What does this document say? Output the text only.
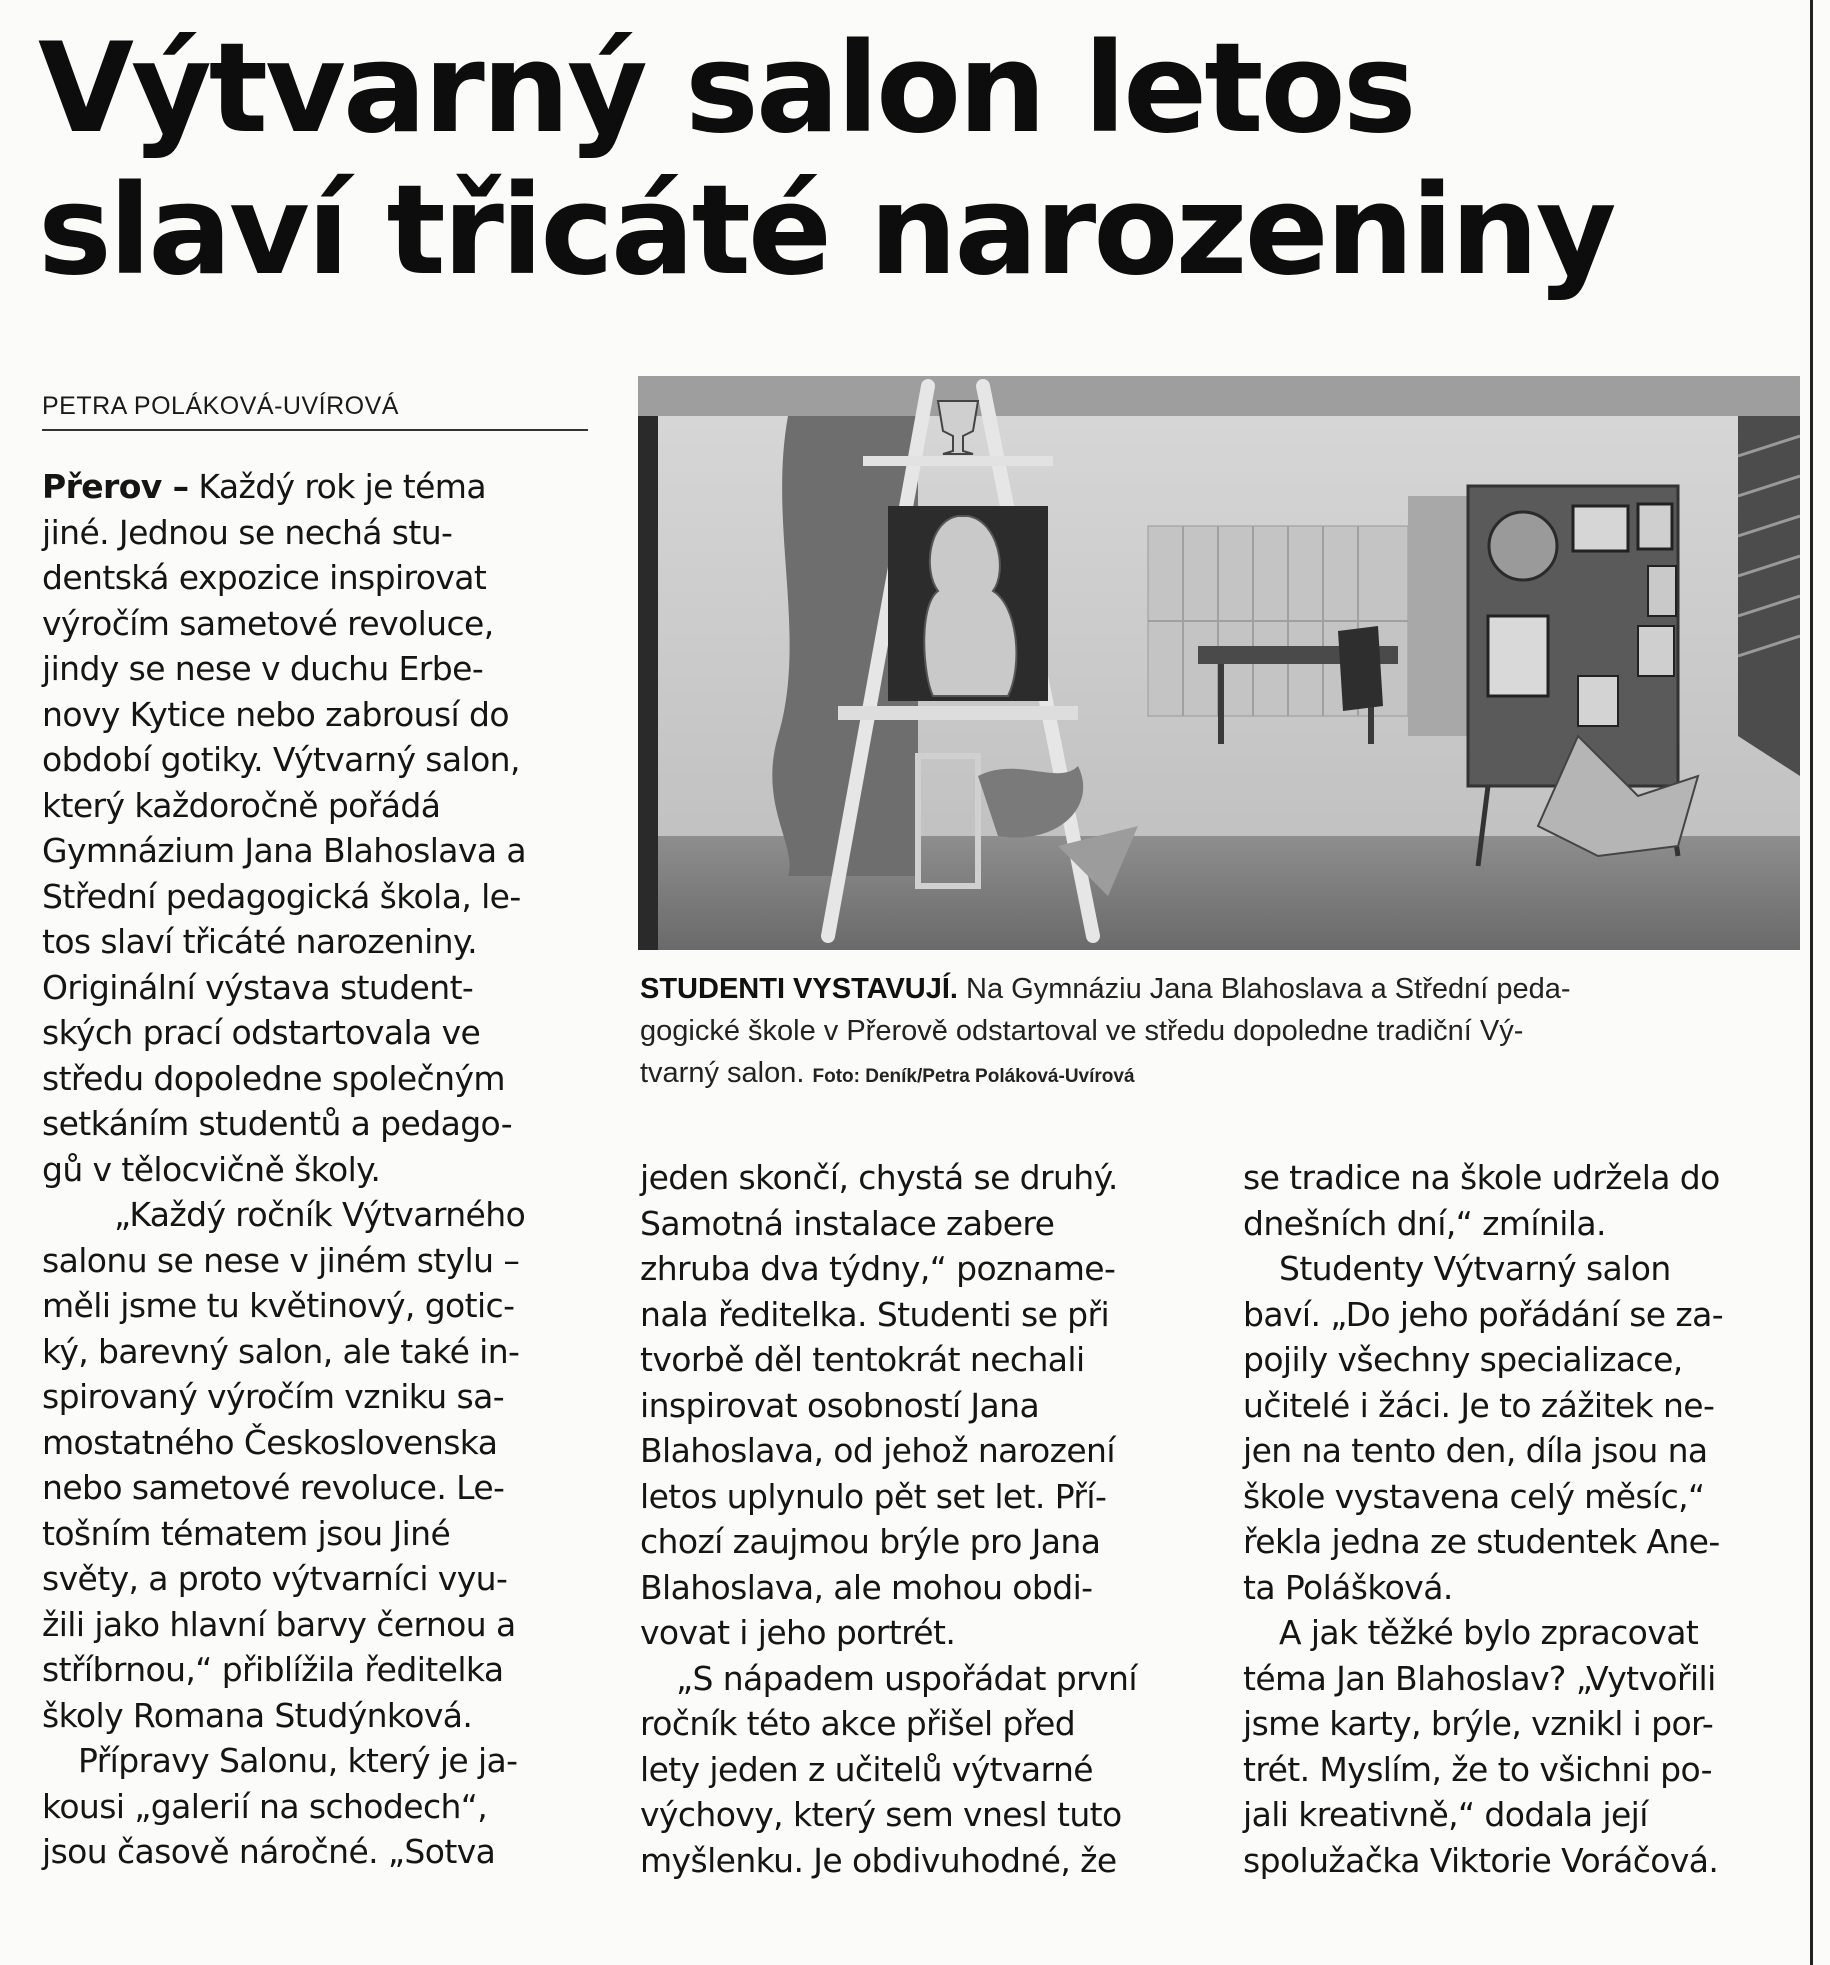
Výtvarný salon letos
slaví třicáté narozeniny
PETRA POLÁKOVÁ-UVÍROVÁ

Přerov – Každý rok je téma
jiné. Jednou se nechá stu-
dentská expozice inspirovat
výročím sametové revoluce,
jindy se nese v duchu Erbe-
novy Kytice nebo zabrousí do
období gotiky. Výtvarný salon,
který každoročně pořádá
Gymnázium Jana Blahoslava a
Střední pedagogická škola, le-
tos slaví třicáté narozeniny.
Originální výstava student-
ských prací odstartovala ve
středu dopoledne společným
setkáním studentů a pedago-
gů v tělocvičně školy.

„Každý ročník Výtvarného
salonu se nese v jiném stylu –
měli jsme tu květinový, gotic-
ký, barevný salon, ale také in-
spirovaný výročím vzniku sa-
mostatného Československa
nebo sametové revoluce. Le-
tošním tématem jsou Jiné
světy, a proto výtvarníci vyu-
žili jako hlavní barvy černou a
stříbrnou,“ přiblížila ředitelka
školy Romana Studýnková.

Přípravy Salonu, který je ja-
kousi „galerií na schodech“,
jsou časově náročné. „Sotva

STUDENTI VYSTAVUJÍ. Na Gymnáziu Jana Blahoslava a Střední peda-
gogické škole v Přerově odstartoval ve středu dopoledne tradiční Vý-
tvarný salon. Foto: Deník/Petra Poláková-Uvírová

jeden skončí, chystá se druhý.
Samotná instalace zabere
zhruba dva týdny,“ poznamе-
nala ředitelka. Studenti se při
tvorbě děl tentokrát nechali
inspirovat osobností Jana
Blahoslava, od jehož narození
letos uplynulo pět set let. Pří-
chozí zaujmou brýle pro Jana
Blahoslava, ale mohou obdi-
vovat i jeho portrét.

„S nápadem uspořádat první
ročník této akce přišel před
lety jeden z učitelů výtvarné
výchovy, který sem vnesl tuto
myšlenku. Je obdivuhodné, že

se tradice na škole udržela do
dnešních dní,“ zmínila.

Studenty Výtvarný salon
baví. „Do jeho pořádání se za-
pojily všechny specializace,
učitelé i žáci. Je to zážitek ne-
jen na tento den, díla jsou na
škole vystavena celý měsíc,“
řekla jedna ze studentek Ane-
ta Polášková.

A jak těžké bylo zpracovat
téma Jan Blahoslav? „Vytvořili
jsme karty, brýle, vznikl i por-
trét. Myslím, že to všichni po-
jali kreativně,“ dodala její
spolužačka Viktorie Voráčová.
